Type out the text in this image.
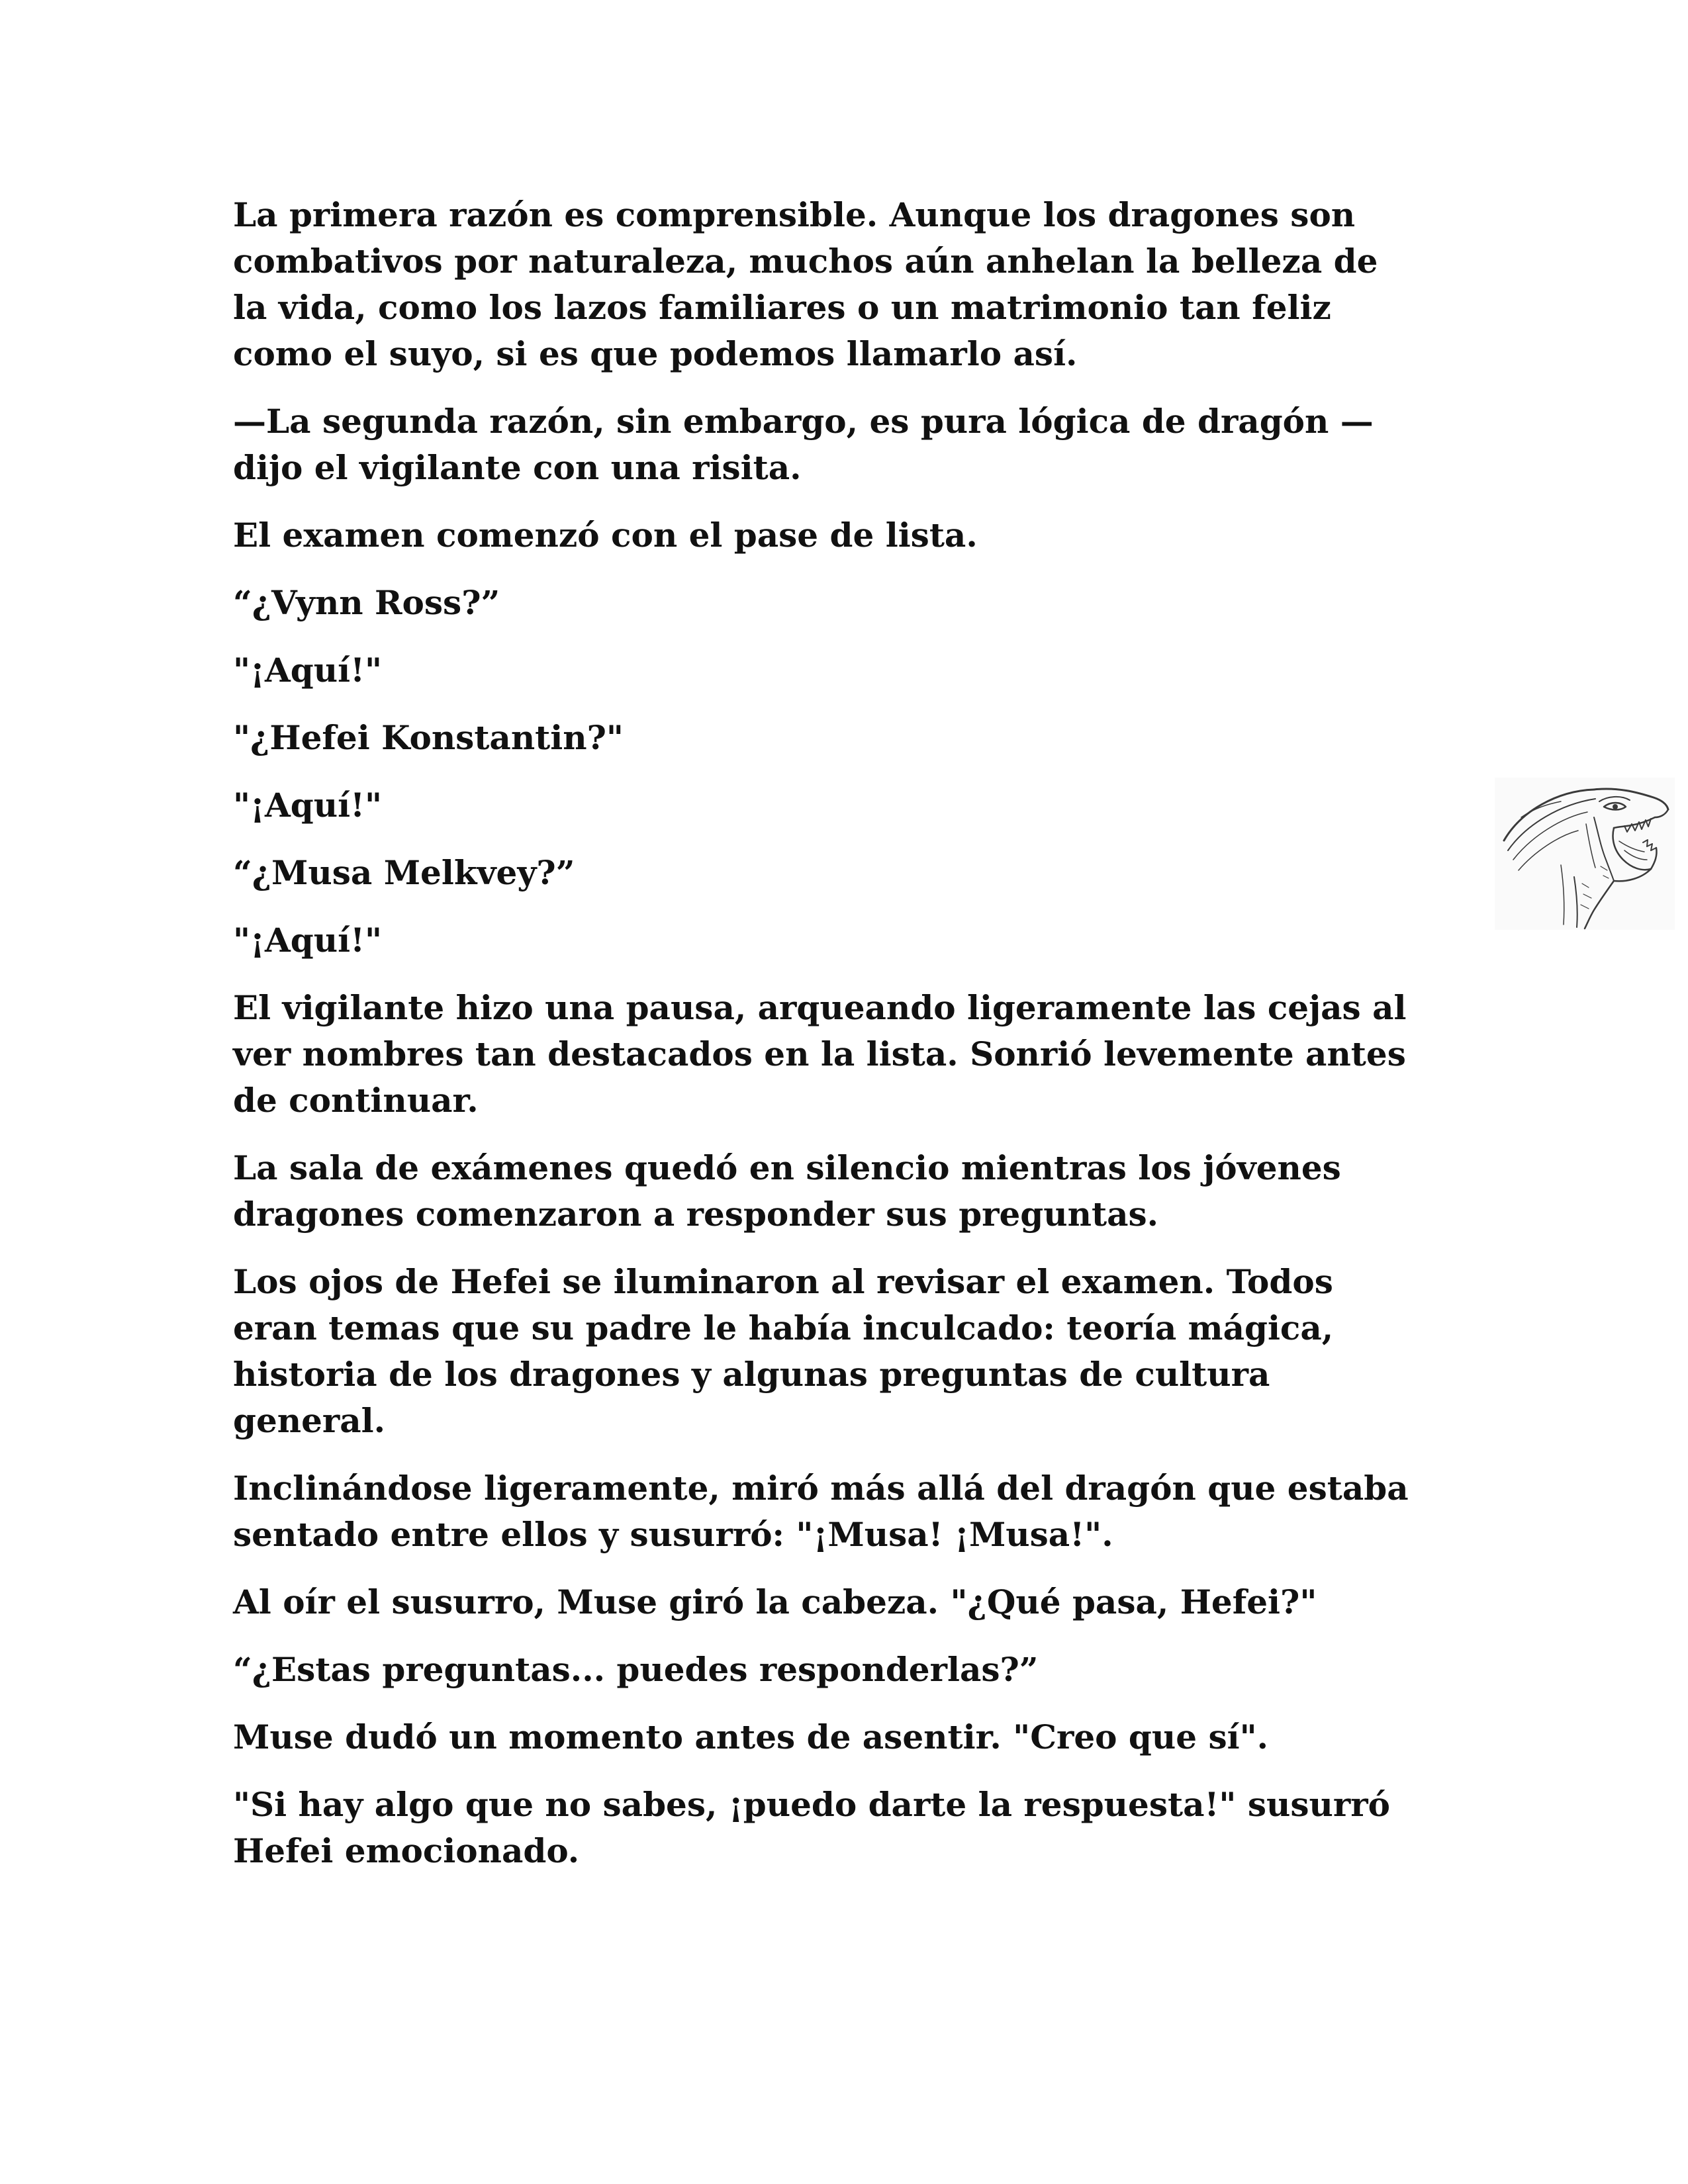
La primera razón es comprensible. Aunque los dragones son
combativos por naturaleza, muchos aún anhelan la belleza de
la vida, como los lazos familiares o un matrimonio tan feliz
como el suyo, si es que podemos llamarlo así.

—La segunda razón, sin embargo, es pura lógica de dragón —
dijo el vigilante con una risita.

El examen comenzó con el pase de lista.

“¿Vynn Ross?”

"¡Aquí!"

"¿Hefei Konstantin?"

"¡Aquí!"

“¿Musa Melkvey?”

"¡Aquí!"

El vigilante hizo una pausa, arqueando ligeramente las cejas al
ver nombres tan destacados en la lista. Sonrió levemente antes
de continuar.

La sala de exámenes quedó en silencio mientras los jóvenes
dragones comenzaron a responder sus preguntas.

Los ojos de Hefei se iluminaron al revisar el examen. Todos
eran temas que su padre le había inculcado: teoría mágica,
historia de los dragones y algunas preguntas de cultura
general.

Inclinándose ligeramente, miró más allá del dragón que estaba
sentado entre ellos y susurró: "¡Musa! ¡Musa!".

Al oír el susurro, Muse giró la cabeza. "¿Qué pasa, Hefei?"

“¿Estas preguntas... puedes responderlas?”

Muse dudó un momento antes de asentir. "Creo que sí".

"Si hay algo que no sabes, ¡puedo darte la respuesta!" susurró
Hefei emocionado.
